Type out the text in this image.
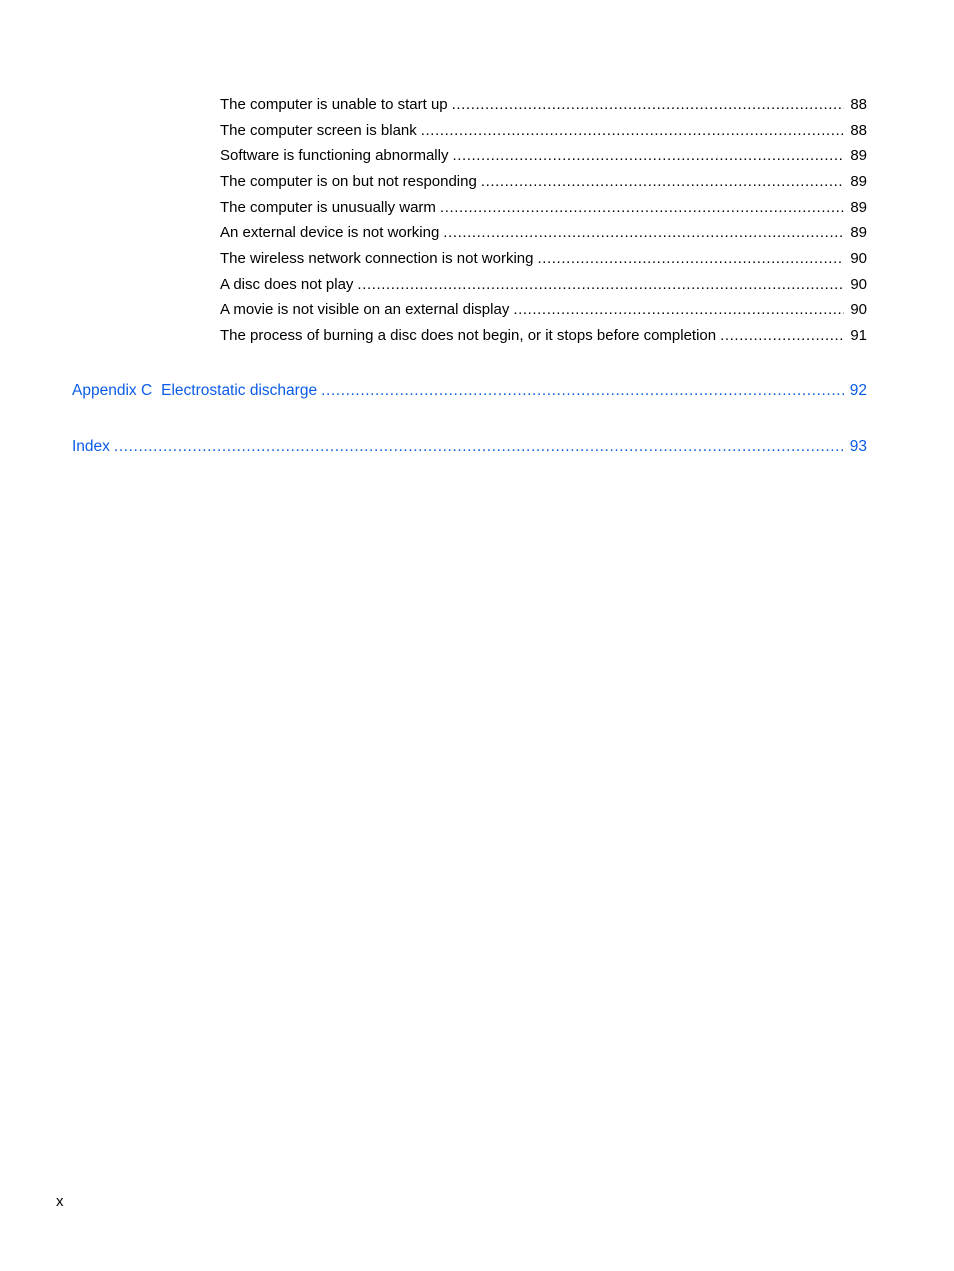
The computer is unable to start up .....	88
The computer screen is blank .....	88
Software is functioning abnormally .....	89
The computer is on but not responding .....	89
The computer is unusually warm .....	89
An external device is not working .....	89
The wireless network connection is not working .....	90
A disc does not play .....	90
A movie is not visible on an external display .....	90
The process of burning a disc does not begin, or it stops before completion .....	91
Appendix C Electrostatic discharge .....	92
Index .....	93
x
